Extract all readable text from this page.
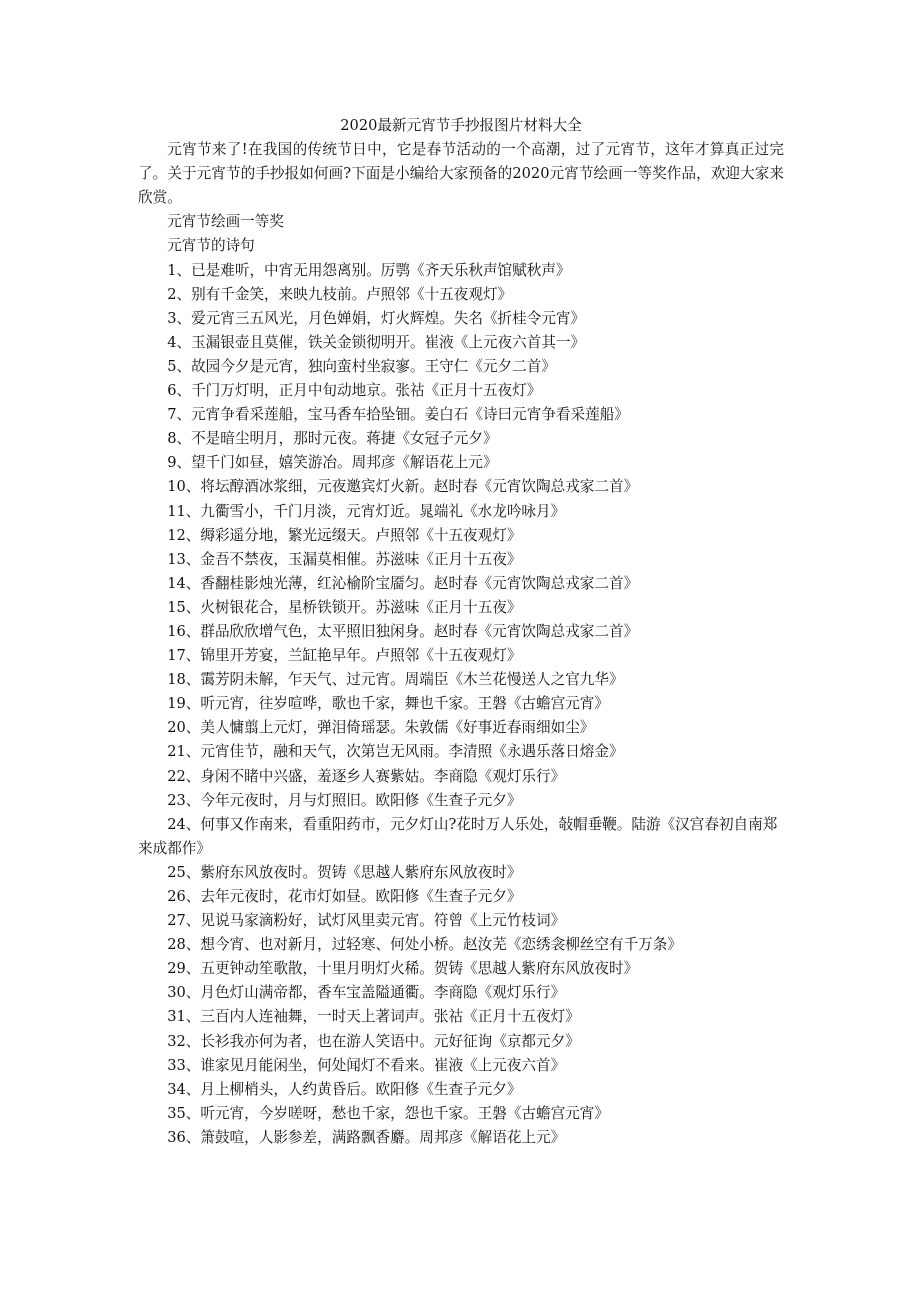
2020最新元宵节手抄报图片材料大全

元宵节来了!在我国的传统节日中，它是春节活动的一个高潮，过了元宵节，这年才算真正过完了。关于元宵节的手抄报如何画?下面是小编给大家预备的2020元宵节绘画一等奖作品，欢迎大家来欣赏。

元宵节绘画一等奖

元宵节的诗句

1、已是难听，中宵无用怨离别。厉鹗《齐天乐秋声馆赋秋声》
2、别有千金笑，来映九枝前。卢照邻《十五夜观灯》
3、爱元宵三五风光，月色婵娟，灯火辉煌。失名《折桂令元宵》
4、玉漏银壶且莫催，铁关金锁彻明开。崔液《上元夜六首其一》
5、故园今夕是元宵，独向蛮村坐寂寥。王守仁《元夕二首》
6、千门万灯明，正月中旬动地京。张祜《正月十五夜灯》
7、元宵争看采莲船，宝马香车拾坠钿。姜白石《诗曰元宵争看采莲船》
8、不是暗尘明月，那时元夜。蒋捷《女冠子元夕》
9、望千门如昼，嬉笑游冶。周邦彦《解语花上元》
10、将坛醇酒冰浆细，元夜邀宾灯火新。赵时春《元宵饮陶总戎家二首》
11、九衢雪小，千门月淡，元宵灯近。晁端礼《水龙吟咏月》
12、缛彩遥分地，繁光远缀天。卢照邻《十五夜观灯》
13、金吾不禁夜，玉漏莫相催。苏滋味《正月十五夜》
14、香翻桂影烛光薄，红沁榆阶宝靥匀。赵时春《元宵饮陶总戎家二首》
15、火树银花合，星桥铁锁开。苏滋味《正月十五夜》
16、群品欣欣增气色，太平照旧独闲身。赵时春《元宵饮陶总戎家二首》
17、锦里开芳宴，兰缸艳早年。卢照邻《十五夜观灯》
18、霭芳阴未解，乍天气、过元宵。周端臣《木兰花慢送人之官九华》
19、听元宵，往岁喧哗，歌也千家，舞也千家。王磐《古蟾宫元宵》
20、美人慵翦上元灯，弹泪倚瑶瑟。朱敦儒《好事近春雨细如尘》
21、元宵佳节，融和天气，次第岂无风雨。李清照《永遇乐落日熔金》
22、身闲不睹中兴盛，羞逐乡人赛紫姑。李商隐《观灯乐行》
23、今年元夜时，月与灯照旧。欧阳修《生查子元夕》
24、何事又作南来，看重阳药市，元夕灯山?花时万人乐处，敧帽垂鞭。陆游《汉宫春初自南郑来成都作》
25、紫府东风放夜时。贺铸《思越人紫府东风放夜时》
26、去年元夜时，花市灯如昼。欧阳修《生查子元夕》
27、见说马家滴粉好，试灯风里卖元宵。符曾《上元竹枝词》
28、想今宵、也对新月，过轻寒、何处小桥。赵汝芜《恋绣衾柳丝空有千万条》
29、五更钟动笙歌散，十里月明灯火稀。贺铸《思越人紫府东风放夜时》
30、月色灯山满帝都，香车宝盖隘通衢。李商隐《观灯乐行》
31、三百内人连袖舞，一时天上著词声。张祜《正月十五夜灯》
32、长衫我亦何为者，也在游人笑语中。元好征询《京都元夕》
33、谁家见月能闲坐，何处闻灯不看来。崔液《上元夜六首》
34、月上柳梢头，人约黄昏后。欧阳修《生查子元夕》
35、听元宵，今岁嗟呀，愁也千家，怨也千家。王磐《古蟾宫元宵》
36、箫鼓喧，人影参差，满路飘香麝。周邦彦《解语花上元》
